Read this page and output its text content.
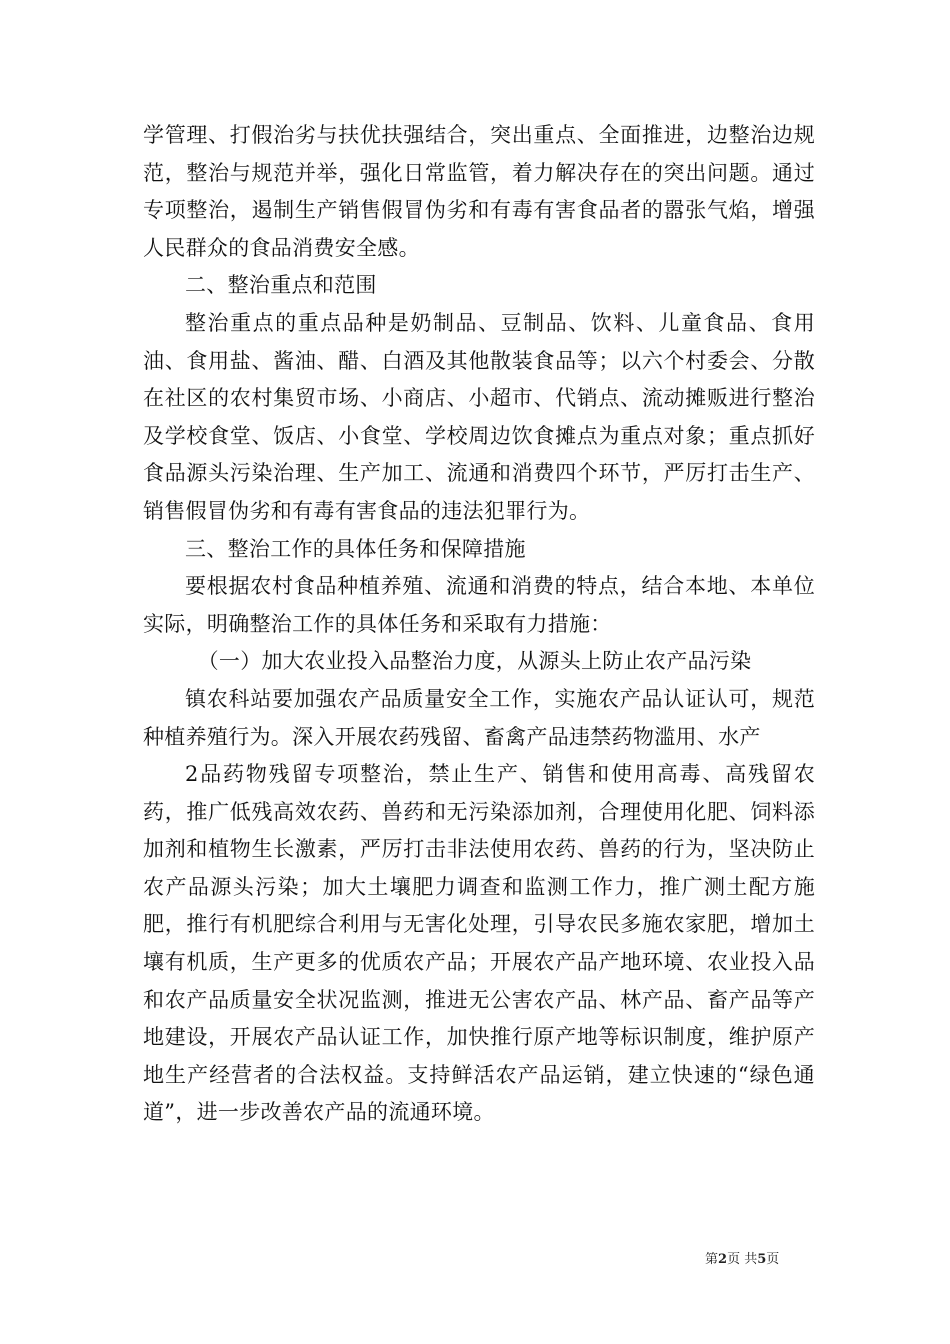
学管理、打假治劣与扶优扶强结合，突出重点、全面推进，边整治边规范，整治与规范并举，强化日常监管，着力解决存在的突出问题。通过专项整治，遏制生产销售假冒伪劣和有毒有害食品者的嚣张气焰，增强人民群众的食品消费安全感。

二、整治重点和范围

整治重点的重点品种是奶制品、豆制品、饮料、儿童食品、食用油、食用盐、酱油、醋、白酒及其他散装食品等；以六个村委会、分散在社区的农村集贸市场、小商店、小超市、代销点、流动摊贩进行整治及学校食堂、饭店、小食堂、学校周边饮食摊点为重点对象；重点抓好食品源头污染治理、生产加工、流通和消费四个环节，严厉打击生产、销售假冒伪劣和有毒有害食品的违法犯罪行为。

三、整治工作的具体任务和保障措施

要根据农村食品种植养殖、流通和消费的特点，结合本地、本单位实际，明确整治工作的具体任务和采取有力措施：

（一）加大农业投入品整治力度，从源头上防止农产品污染

镇农科站要加强农产品质量安全工作，实施农产品认证认可，规范种植养殖行为。深入开展农药残留、畜禽产品违禁药物滥用、水产

2品药物残留专项整治，禁止生产、销售和使用高毒、高残留农药，推广低残高效农药、兽药和无污染添加剂，合理使用化肥、饲料添加剂和植物生长激素，严厉打击非法使用农药、兽药的行为，坚决防止农产品源头污染；加大土壤肥力调查和监测工作力，推广测土配方施肥，推行有机肥综合利用与无害化处理，引导农民多施农家肥，增加土壤有机质，生产更多的优质农产品；开展农产品产地环境、农业投入品和农产品质量安全状况监测，推进无公害农产品、林产品、畜产品等产地建设，开展农产品认证工作，加快推行原产地等标识制度，维护原产地生产经营者的合法权益。支持鲜活农产品运销，建立快速的“绿色通道”，进一步改善农产品的流通环境。

第2页 共5页
